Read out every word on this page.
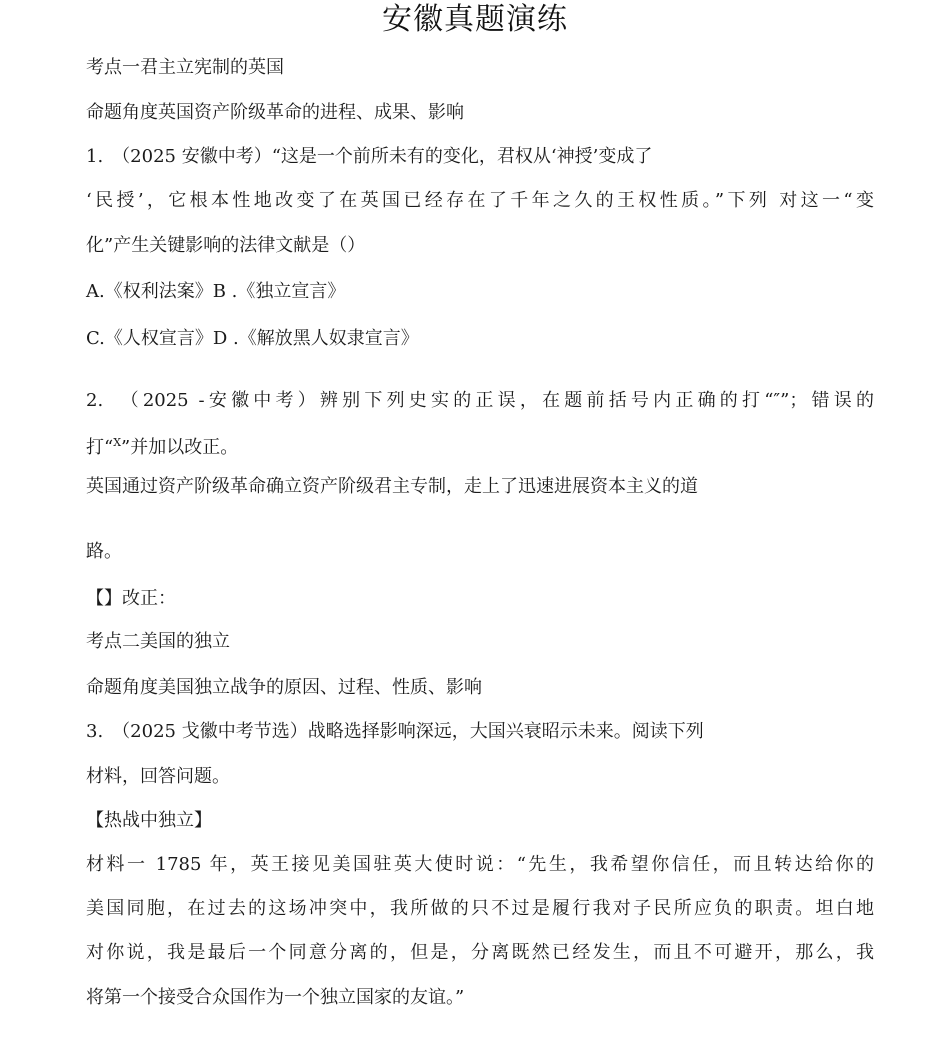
安徽真题演练
考点一君主立宪制的英国
命题角度英国资产阶级革命的进程、成果、影响
1.　（2025 安徽中考）“这是一个前所未有的变化，君权从‘神授’变成了
‘民授’，它根本性地改变了在英国已经存在了千年之久的王权性质。”下列 对这一“变
化”产生关键影响的法律文献是（）
A.《权利法案》B .《独立宣言》
C.《人权宣言》D .《解放黑人奴隶宣言》
2.　（2025 -安徽中考）辨别下列史实的正误，在题前括号内正确的打“″”；错误的
打“$^X$”并加以改正。
英国通过资产阶级革命确立资产阶级君主专制，走上了迅速进展资本主义的道
路。
【】改正：
考点二美国的独立
命题角度美国独立战争的原因、过程、性质、影响
3.　（2025 戈徽中考节选）战略选择影响深远，大国兴衰昭示未来。阅读下列
材料，回答问题。
【热战中独立】
材料一 1785 年，英王接见美国驻英大使时说：“先生，我希望你信任，而且转达给你的
美国同胞，在过去的这场冲突中，我所做的只不过是履行我对子民所应负的职责。坦白地
对你说，我是最后一个同意分离的，但是，分离既然已经发生，而且不可避开，那么，我
将第一个接受合众国作为一个独立国家的友谊。”
